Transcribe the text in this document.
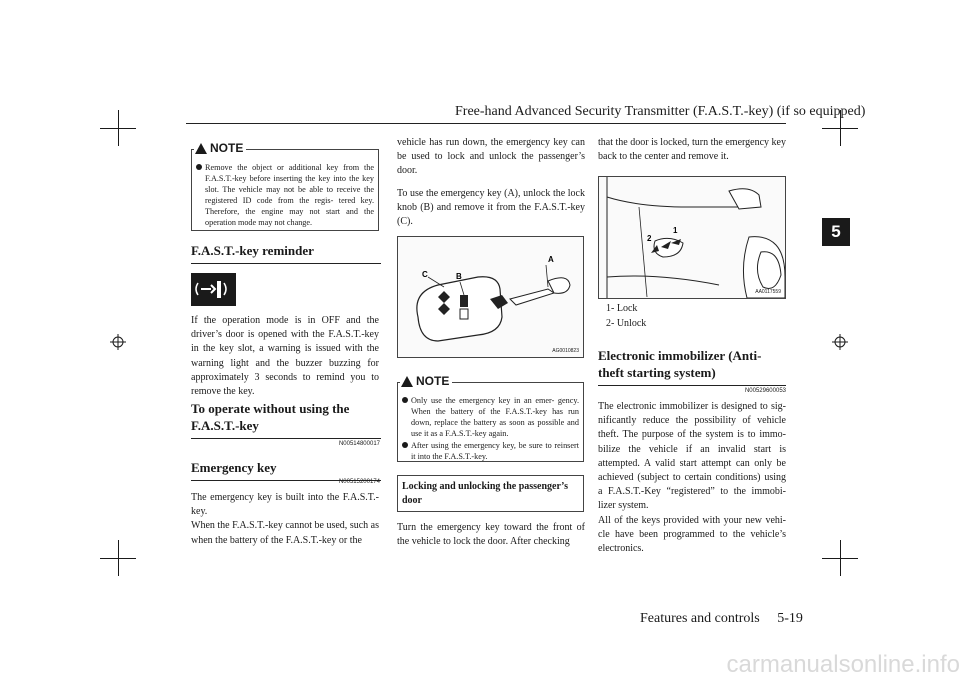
Free-hand Advanced Security Transmitter (F.A.S.T.-key) (if so equipped)
5
NOTE
Remove the object or additional key from the F.A.S.T.-key before inserting the key into the key slot. The vehicle may not be able to receive the registered ID code from the regis- tered key. Therefore, the engine may not start and the operation mode may not change.
F.A.S.T.-key reminder

If the operation mode is in OFF and the driver’s door is opened with the F.A.S.T.-key in the key slot, a warning is issued with the warning light and the buzzer buzzing for approximately 3 seconds to remind you to remove the key.

To operate without using the F.A.S.T.-key
N00514800017
Emergency key
N00515200174

The emergency key is built into the F.A.S.T.- key.

When the F.A.S.T.-key cannot be used, such as when the battery of the F.A.S.T.-key or the

vehicle has run down, the emergency key can be used to lock and unlock the passenger’s door.

To use the emergency key (A), unlock the lock knob (B) and remove it from the F.A.S.T.-key (C).

A
B
C
AG0010823
NOTE
Only use the emergency key in an emer- gency. When the battery of the F.A.S.T.-key has run down, replace the battery as soon as possible and use it as a F.A.S.T.-key again.
After using the emergency key, be sure to reinsert it into the F.A.S.T.-key.
Locking and unlocking the passenger’s door

Turn the emergency key toward the front of the vehicle to lock the door. After checking

that the door is locked, turn the emergency key back to the center and remove it.

1
2
AA0117559
1- Lock
2- Unlock
Electronic immobilizer (Anti- theft starting system)
N00529600053

The electronic immobilizer is designed to sig- nificantly reduce the possibility of vehicle theft. The purpose of the system is to immo- bilize the vehicle if an invalid start is attempted. A valid start attempt can only be achieved (subject to certain conditions) using a F.A.S.T.-Key “registered” to the immobi- lizer system.

All of the keys provided with your new vehi- cle have been programmed to the vehicle’s electronics.

Features and controls 5-19
carmanualsonline.info
